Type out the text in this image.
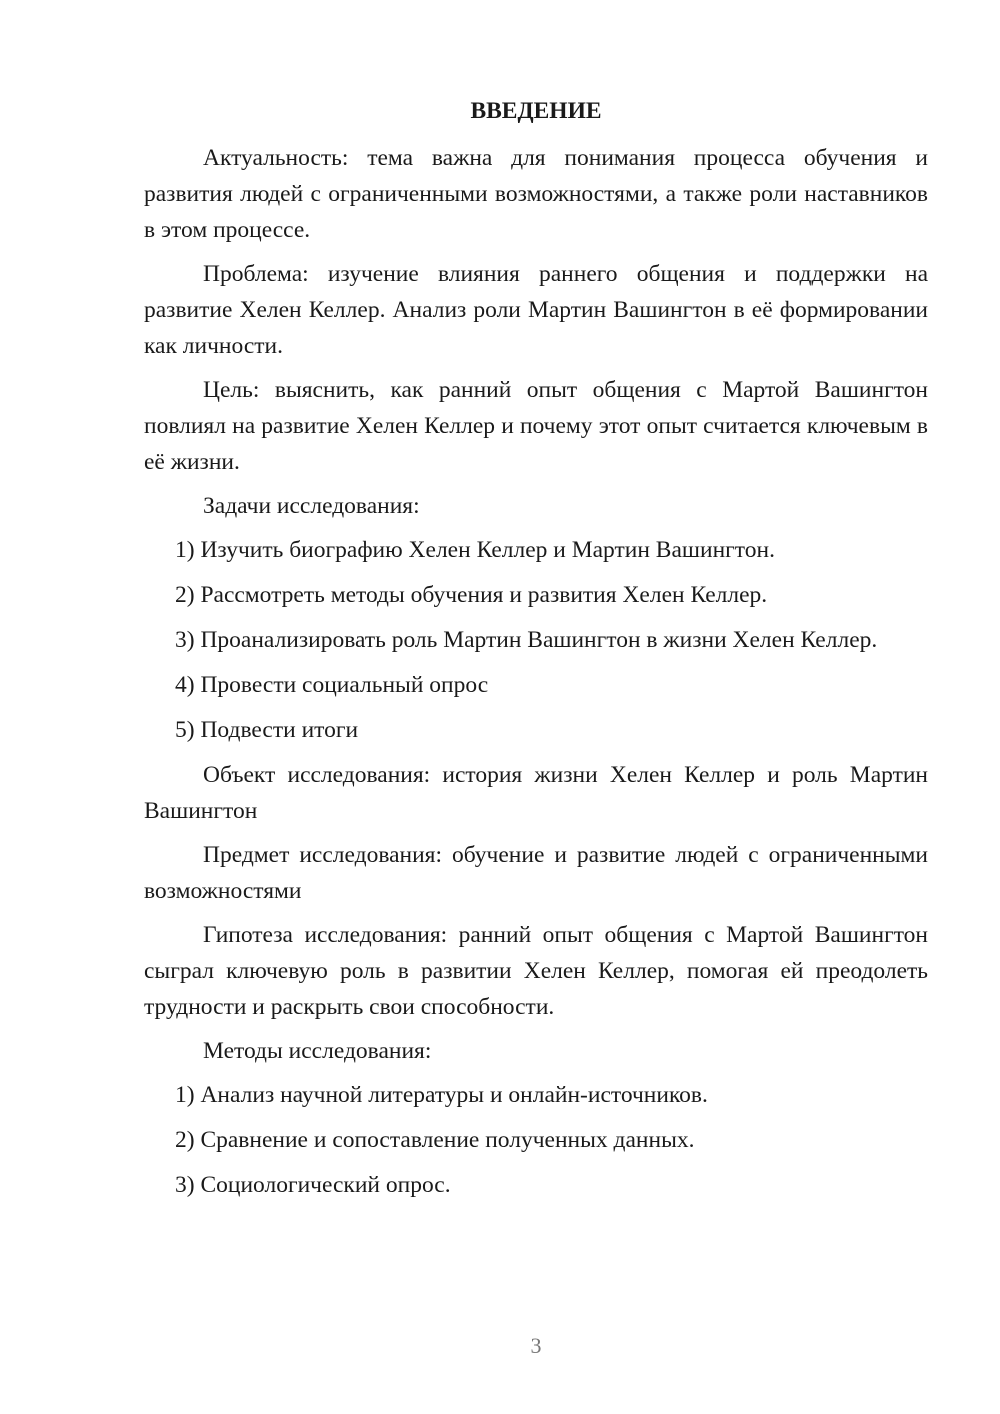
ВВЕДЕНИЕ

Актуальность: тема важна для понимания процесса обучения и развития людей с ограниченными возможностями, а также роли наставников в этом процессе.

Проблема: изучение влияния раннего общения и поддержки на развитие Хелен Келлер. Анализ роли Мартин Вашингтон в её формировании как личности.

Цель: выяснить, как ранний опыт общения с Мартой Вашингтон повлиял на развитие Хелен Келлер и почему этот опыт считается ключевым в её жизни.

Задачи исследования:

1) Изучить биографию Хелен Келлер и Мартин Вашингтон.
2) Рассмотреть методы обучения и развития Хелен Келлер.
3) Проанализировать роль Мартин Вашингтон в жизни Хелен Келлер.
4) Провести социальный опрос
5) Подвести итоги

Объект исследования: история жизни Хелен Келлер и роль Мартин Вашингтон

Предмет исследования: обучение и развитие людей с ограниченными возможностями

Гипотеза исследования: ранний опыт общения с Мартой Вашингтон сыграл ключевую роль в развитии Хелен Келлер, помогая ей преодолеть трудности и раскрыть свои способности.

Методы исследования:

1) Анализ научной литературы и онлайн-источников.
2) Сравнение и сопоставление полученных данных.
3) Социологический опрос.
3
